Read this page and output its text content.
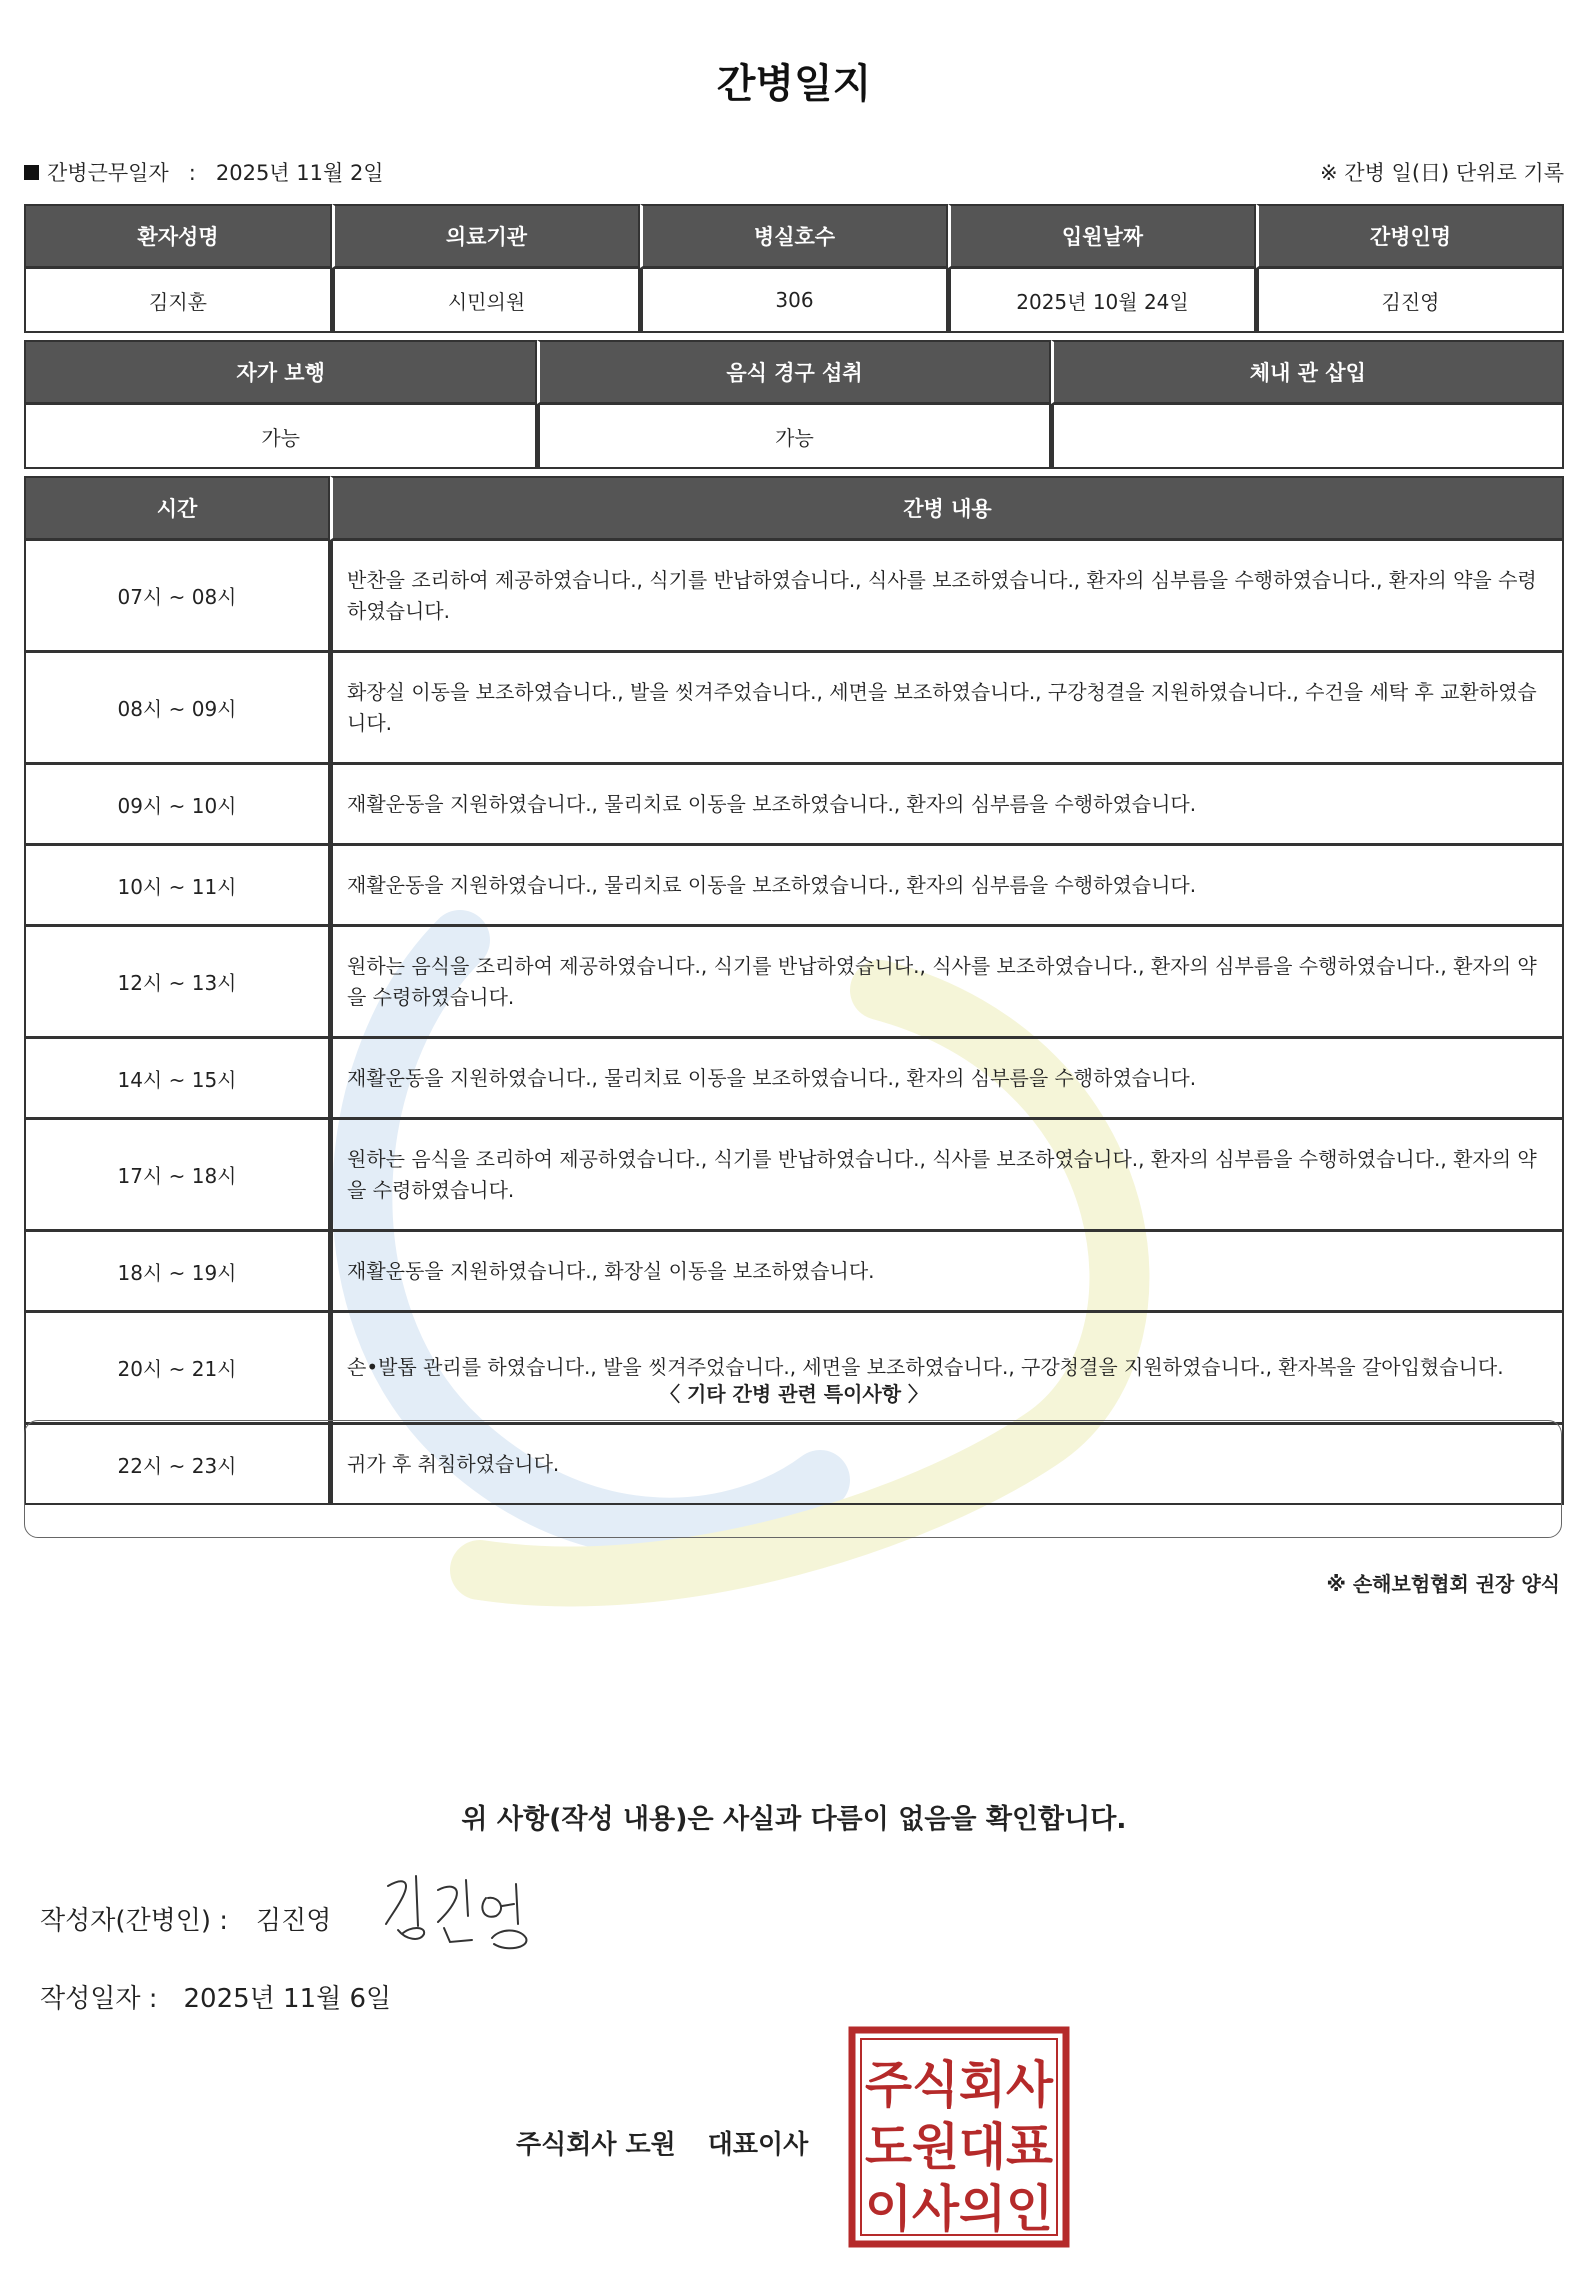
간병일지
간병근무일자 : 2025년 11월 2일	※ 간병 일(日) 단위로 기록
환자성명	의료기관	병실호수	입원날짜	간병인명
김지훈	시민의원	306	2025년 10월 24일	김진영
자가 보행	음식 경구 섭취	체내 관 삽입
가능	가능	
시간	간병 내용
07시 ~ 08시	반찬을 조리하여 제공하였습니다., 식기를 반납하였습니다., 식사를 보조하였습니다., 환자의 심부름을 수행하였습니다., 환자의 약을 수령하였습니다.
08시 ~ 09시	화장실 이동을 보조하였습니다., 발을 씻겨주었습니다., 세면을 보조하였습니다., 구강청결을 지원하였습니다., 수건을 세탁 후 교환하였습니다.
09시 ~ 10시	재활운동을 지원하였습니다., 물리치료 이동을 보조하였습니다., 환자의 심부름을 수행하였습니다.
10시 ~ 11시	재활운동을 지원하였습니다., 물리치료 이동을 보조하였습니다., 환자의 심부름을 수행하였습니다.
12시 ~ 13시	원하는 음식을 조리하여 제공하였습니다., 식기를 반납하였습니다., 식사를 보조하였습니다., 환자의 심부름을 수행하였습니다., 환자의 약을 수령하였습니다.
14시 ~ 15시	재활운동을 지원하였습니다., 물리치료 이동을 보조하였습니다., 환자의 심부름을 수행하였습니다.
17시 ~ 18시	원하는 음식을 조리하여 제공하였습니다., 식기를 반납하였습니다., 식사를 보조하였습니다., 환자의 심부름을 수행하였습니다., 환자의 약을 수령하였습니다.
18시 ~ 19시	재활운동을 지원하였습니다., 화장실 이동을 보조하였습니다.
20시 ~ 21시	손•발톱 관리를 하였습니다., 발을 씻겨주었습니다., 세면을 보조하였습니다., 구강청결을 지원하였습니다., 환자복을 갈아입혔습니다.
22시 ~ 23시	귀가 후 취침하였습니다.
〈 기타 간병 관련 특이사항 〉
※ 손해보험협회 권장 양식
위 사항(작성 내용)은 사실과 다름이 없음을 확인합니다.
작성자(간병인) : 김진영
작성일자 : 2025년 11월 6일
주식회사 도원 대표이사
주식회사
도원대표
이사의인
